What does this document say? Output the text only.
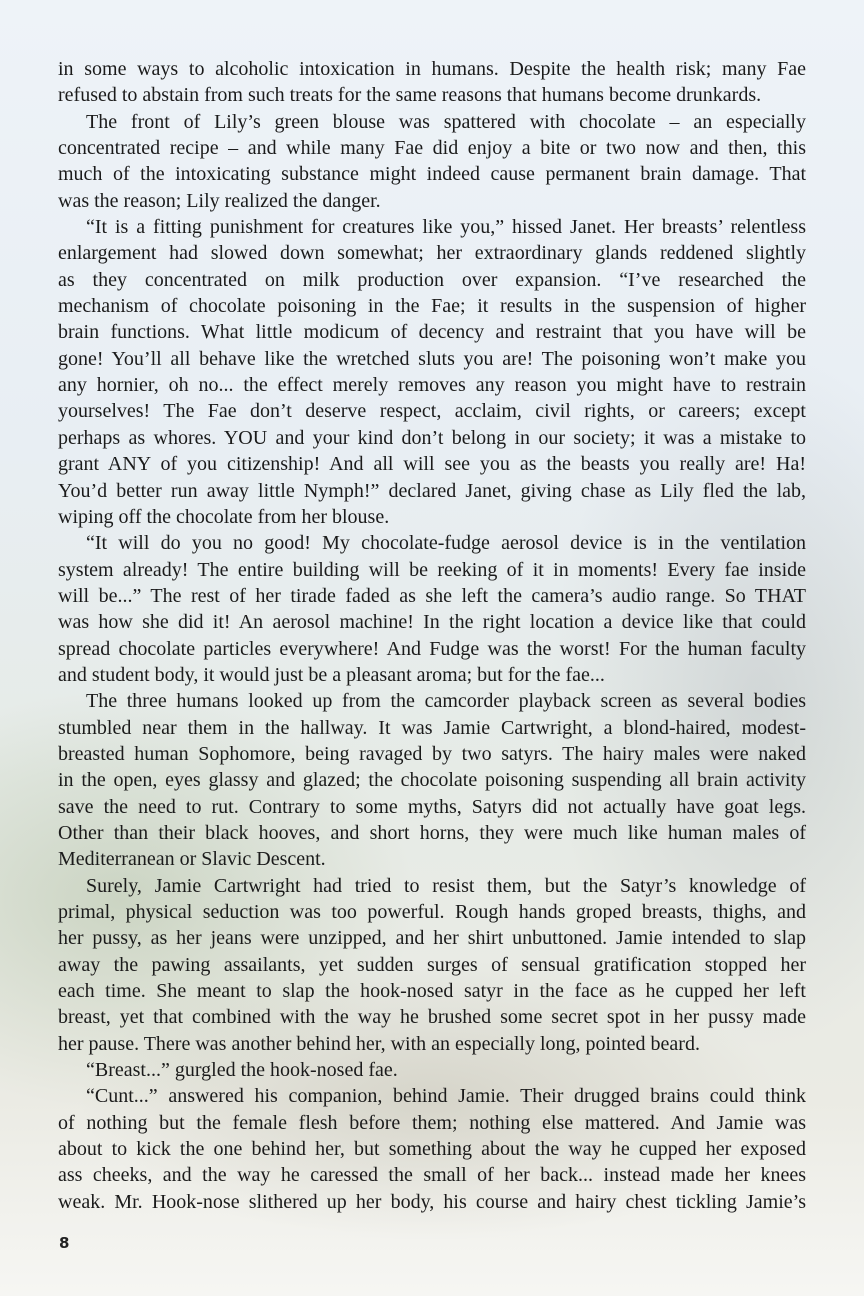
in some ways to alcoholic intoxication in humans. Despite the health risk; many Fae
refused to abstain from such treats for the same reasons that humans become drunkards.
The front of Lily’s green blouse was spattered with chocolate – an especially
concentrated recipe – and while many Fae did enjoy a bite or two now and then, this
much of the intoxicating substance might indeed cause permanent brain damage. That
was the reason; Lily realized the danger.
“It is a fitting punishment for creatures like you,” hissed Janet. Her breasts’ relentless
enlargement had slowed down somewhat; her extraordinary glands reddened slightly
as they concentrated on milk production over expansion. “I’ve researched the
mechanism of chocolate poisoning in the Fae; it results in the suspension of higher
brain functions. What little modicum of decency and restraint that you have will be
gone! You’ll all behave like the wretched sluts you are! The poisoning won’t make you
any hornier, oh no... the effect merely removes any reason you might have to restrain
yourselves! The Fae don’t deserve respect, acclaim, civil rights, or careers; except
perhaps as whores. YOU and your kind don’t belong in our society; it was a mistake to
grant ANY of you citizenship! And all will see you as the beasts you really are! Ha!
You’d better run away little Nymph!” declared Janet, giving chase as Lily fled the lab,
wiping off the chocolate from her blouse.
“It will do you no good! My chocolate-fudge aerosol device is in the ventilation
system already! The entire building will be reeking of it in moments! Every fae inside
will be...” The rest of her tirade faded as she left the camera’s audio range. So THAT
was how she did it! An aerosol machine! In the right location a device like that could
spread chocolate particles everywhere! And Fudge was the worst! For the human faculty
and student body, it would just be a pleasant aroma; but for the fae...
The three humans looked up from the camcorder playback screen as several bodies
stumbled near them in the hallway. It was Jamie Cartwright, a blond-haired, modest-
breasted human Sophomore, being ravaged by two satyrs. The hairy males were naked
in the open, eyes glassy and glazed; the chocolate poisoning suspending all brain activity
save the need to rut. Contrary to some myths, Satyrs did not actually have goat legs.
Other than their black hooves, and short horns, they were much like human males of
Mediterranean or Slavic Descent.
Surely, Jamie Cartwright had tried to resist them, but the Satyr’s knowledge of
primal, physical seduction was too powerful. Rough hands groped breasts, thighs, and
her pussy, as her jeans were unzipped, and her shirt unbuttoned. Jamie intended to slap
away the pawing assailants, yet sudden surges of sensual gratification stopped her
each time. She meant to slap the hook-nosed satyr in the face as he cupped her left
breast, yet that combined with the way he brushed some secret spot in her pussy made
her pause. There was another behind her, with an especially long, pointed beard.
“Breast...” gurgled the hook-nosed fae.
“Cunt...” answered his companion, behind Jamie. Their drugged brains could think
of nothing but the female flesh before them; nothing else mattered. And Jamie was
about to kick the one behind her, but something about the way he cupped her exposed
ass cheeks, and the way he caressed the small of her back... instead made her knees
weak. Mr. Hook-nose slithered up her body, his course and hairy chest tickling Jamie’s
8
